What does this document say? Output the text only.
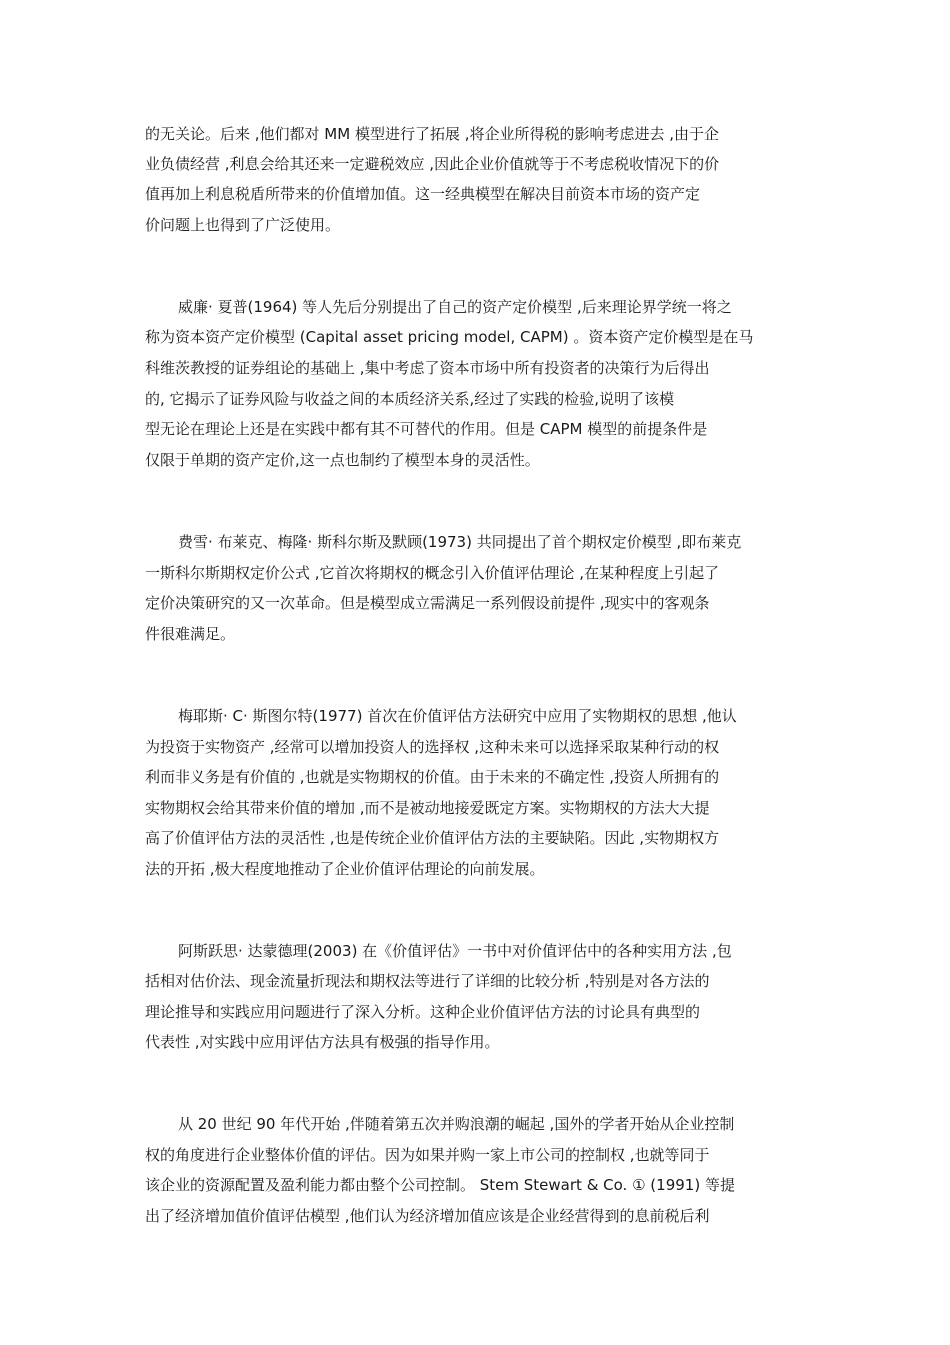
的无关论。后来 ,他们都对 MM 模型进行了拓展 ,将企业所得税的影响考虑进去 ,由于企
业负债经营 ,利息会给其还来一定避税效应 ,因此企业价值就等于不考虑税收情况下的价
值再加上利息税盾所带来的价值增加值。这一经典模型在解决目前资本市场的资产定
价问题上也得到了广泛使用。
威廉· 夏普(1964) 等人先后分别提出了自己的资产定价模型 ,后来理论界学统一将之
称为资本资产定价模型 (Capital asset pricing model, CAPM) 。资本资产定价模型是在马
科维茨教授的证券组论的基础上 ,集中考虑了资本市场中所有投资者的决策行为后得出
的, 它揭示了证券风险与收益之间的本质经济关系,经过了实践的检验,说明了该模
型无论在理论上还是在实践中都有其不可替代的作用。但是 CAPM 模型的前提条件是
仅限于单期的资产定价,这一点也制约了模型本身的灵活性。
费雪· 布莱克、梅隆· 斯科尔斯及默顾(1973) 共同提出了首个期权定价模型 ,即布莱克
一斯科尔斯期权定价公式 ,它首次将期权的概念引入价值评估理论 ,在某种程度上引起了
定价决策研究的又一次革命。但是模型成立需满足一系列假设前提件 ,现实中的客观条
件很难满足。
梅耶斯· C· 斯图尔特(1977) 首次在价值评估方法研究中应用了实物期权的思想 ,他认
为投资于实物资产 ,经常可以增加投资人的选择权 ,这种未来可以选择采取某种行动的权
利而非义务是有价值的 ,也就是实物期权的价值。由于未来的不确定性 ,投资人所拥有的
实物期权会给其带来价值的增加 ,而不是被动地接爱既定方案。实物期权的方法大大提
高了价值评估方法的灵活性 ,也是传统企业价值评估方法的主要缺陷。因此 ,实物期权方
法的开拓 ,极大程度地推动了企业价值评估理论的向前发展。
阿斯跃思· 达蒙德理(2003) 在《价值评估》一书中对价值评估中的各种实用方法 ,包
括相对估价法、现金流量折现法和期权法等进行了详细的比较分析 ,特别是对各方法的
理论推导和实践应用问题进行了深入分析。这种企业价值评估方法的讨论具有典型的
代表性 ,对实践中应用评估方法具有极强的指导作用。
从 20 世纪 90 年代开始 ,伴随着第五次并购浪潮的崛起 ,国外的学者开始从企业控制
权的角度进行企业整体价值的评估。因为如果并购一家上市公司的控制权 ,也就等同于
该企业的资源配置及盈利能力都由整个公司控制。 Stem Stewart & Co. ① (1991) 等提
出了经济增加值价值评估模型 ,他们认为经济增加值应该是企业经营得到的息前税后利
